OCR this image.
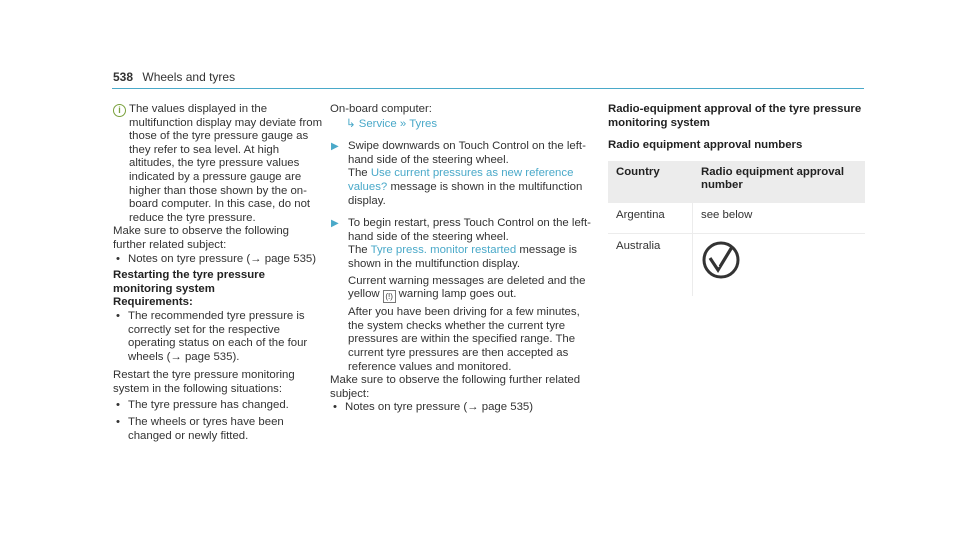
538 Wheels and tyres
i The values displayed in the multifunction display may deviate from those of the tyre pressure gauge as they refer to sea level. At high altitudes, the tyre pressure values indicated by a pressure gauge are higher than those shown by the on-board computer. In this case, do not reduce the tyre pressure.

Make sure to observe the following further related subject:

• Notes on tyre pressure (→ page 535)

Restarting the tyre pressure monitoring system

Requirements:

• The recommended tyre pressure is correctly set for the respective operating status on each of the four wheels (→ page 535).

Restart the tyre pressure monitoring system in the following situations:

• The tyre pressure has changed.
• The wheels or tyres have been changed or newly fitted.

On-board computer:

↳ Service » Tyres

▶ Swipe downwards on Touch Control on the left-hand side of the steering wheel.
The Use current pressures as new reference values? message is shown in the multifunction display.
▶ To begin restart, press Touch Control on the left-hand side of the steering wheel.
The Tyre press. monitor restarted message is shown in the multifunction display.

Current warning messages are deleted and the yellow (!) warning lamp goes out.

After you have been driving for a few minutes, the system checks whether the current tyre pressures are within the specified range. The current tyre pressures are then accepted as reference values and monitored.

Make sure to observe the following further related subject:

• Notes on tyre pressure (→ page 535)

Radio-equipment approval of the tyre pressure monitoring system

Radio equipment approval numbers

Country	Radio equipment approval number
Argentina	see below
Australia	
